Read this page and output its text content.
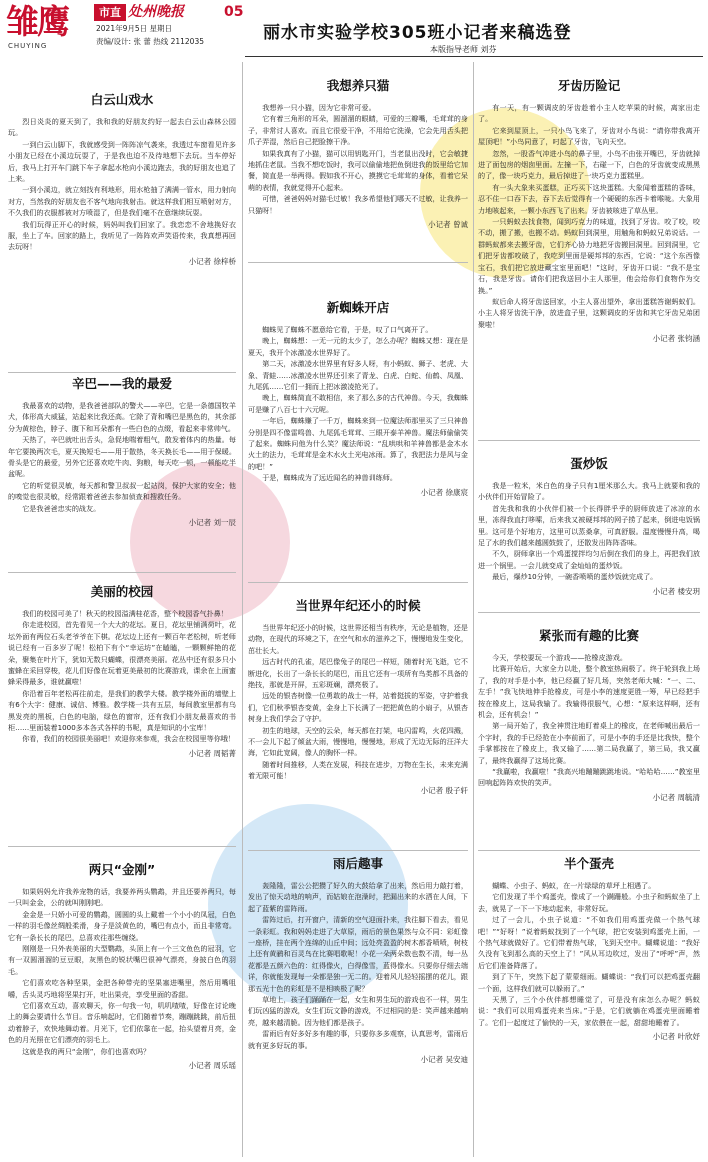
雏鹰
CHUYING
市直 处州晚报	05
2021年9月5日 星期日
责编/设计: 张 蕾 热线 2112035	丽水市实验学校305班小记者来稿选登
本版指导老师 刘芬
白云山戏水

烈日炎炎的夏天到了，我和我的好朋友约好一起去白云山森林公园玩。

一到白云山脚下，我就感受到一阵阵凉气袭来，我透过车窗看见许多小朋友已经在小溪边玩耍了，于是我也迫不及待地想下去玩。当车停好后，我马上打开车门跳下车子拿起水枪向小溪边跑去，我的好朋友也追了上来。

一到小溪边，就立刻找有利地形，用水枪抽了满满一管水，用力射向对方，当然我的好朋友也不客气地向我射击。就这样我们相互喷射对方，不久我们的衣服都被对方喷湿了，但是我们毫不在意继续玩耍。

我们玩得正开心的时候，妈妈叫我们回家了。我恋恋不舍地换好衣服，坐上了车。回家的路上，我听见了一阵阵欢声笑语传来，我真想再回去玩呀！

小记者 徐梓桥
辛巴——我的最爱

我最喜欢的动物，是我爸爸部队的警犬——辛巴，它是一条德国牧羊犬，体形高大威猛，站起来比我还高。它除了背和嘴巴是黑色的，其余部分为黄棕色，脖子、腹下和耳朵都有一些白色的点缀，看起来非常帅气。

天热了，辛巴就吐出舌头，急促地喘着粗气，散发着体内的热量。每年它要换两次毛，夏天换短毛——用于散热，冬天换长毛——用于保暖。骨头是它的最爱，另外它还喜欢吃牛肉、狗粮，每天吃一顿，一顿能吃半盆呢。

它的听觉很灵敏，每天都和警卫叔叔一起站岗，保护大家的安全；他的嗅觉也很灵敏，经常跟着爸爸去参加侦查和搜救任务。

它是我爸爸忠实的战友。

小记者 刘一辰
美丽的校园

我们的校园可美了！秋天的校园溢满桂花香，整个校园香气扑鼻！

你走进校园，首先看见一个大大的花坛。夏日，花坛里铺满荷叶，花坛外面有两位石头老爷爷在下棋。花坛边上还有一颗百年老松树，听老师说已经有一百多岁了呢！松柏下有个“幸运坊”在瞌瞌，一颗颗鲜艳的花朵，聚集在叶片下，犹如无数只蝴蝶，很漂亮美丽。花丛中还有很多只小蜜蜂在采回穿梭，花儿们好像在玩着更美最初的比赛游戏，课余在上面蜜蜂采得最多，谁就赢啦！

你沿着百年老松再往前走，是我们的教学大楼。教学楼外面的墙壁上有6个大字：健康、诚信、博雅。教学楼一共有五层，每间教室里都有乌黑发亮的黑板，白色的电脑，绿色的窗帘，还有我们小朋友最喜欢的书柜……里面装着1000多本各式各样的书呢，真是知识的小宝库！

你看，我们的校园很美丽吧！欢迎你来参观，我会在校园里等你哦！

小记者 周韬菁
两只“金刚”

如果妈妈允许我养宠物的话，我要养两头鹦鹉，并且还要养两只，每一只叫金金，公的就叫刚刚吧。

金金是一只娇小可爱的鹦鹉，圆圆的头上戴着一个小小的凤冠，白色一样的羽毛像丝绸般柔滑，身子是淡黄色的，嘴巴有点小，而且非常弯。它有一条长长的尾巴，总喜欢往那些缠绕。

刚刚是一只外表美丽的大型鹦鹉，头顶上有一个三文鱼色的冠羽，它有一双圆溜溜的豆豆眼，灰黑色的锐状嘴巴很神气漂亮，身披白色的羽毛。

它们喜欢吃各种坚果，金把各种带壳的坚果塞进嘴里，然后用嘴咀嚼，舌头灵巧地将坚果打开，吐出果壳，享受里面的香甜。

它们喜欢互动，喜欢聊天，你一句我一句，叽叽喳喳，好像在讨论晚上的舞会要请什么节目。音乐响起时，它们随着节奏，蹦蹦跳跳，前后扭动着脖子，欢快地舞动着。月光下，它们依靠在一起，抬头望着月亮，金色的月光照在它们漂亮的羽毛上。

这就是我的两只“金刚”，你们也喜欢吗？

小记者 周乐瑶
我想养只猫

我想养一只小猫，因为它非常可爱。

它有着三角形的耳朵，圆溜溜的眼睛，可爱的三瓣嘴，毛茸茸的身子，非常讨人喜欢。而且它很爱干净，不用给它洗澡，它会先用舌头把爪子弄湿，然后自己把脸擦干净。

如果我真有了小猫，猫可以用钥匙开门，当老鼠出没时，它会敏捷地抓住老鼠。当我不想吃饭时，我可以偷偷地把鱼倒进我的饭里给它加餐，简直是一举两得。假如我不开心，摸摸它毛茸茸的身体，看着它呆萌的表情，我就觉得开心起来。

可惜，爸爸妈妈对猫毛过敏！我多希望他们哪天不过敏，让我养一只猫呀！

小记者 曾诚
新蜘蛛开店

蜘蛛见了蜘蛛不愿意给它看，于是，叹了口气离开了。

晚上，蜘蛛想：一无一元的太少了，怎么办呢？蜘蛛又想：现在是夏天，我开个冰激凌水世界好了。

第二天，冰激凌水世界里有好多人呀，有小蚂蚁、狮子、老虎、大象、青蛙……冰激凌水世界还引来了青龙、白虎、白蛇、仙鹤、凤凰、九尾狐……它们一拥而上把冰激凌抢光了。

晚上，蜘蛛简直不敢相信，来了那么多的古代神兽。今天，我蜘蛛可是赚了八百七十六元呢。

一年后，蜘蛛赚了一千万，蜘蛛来到一位魔法师那里买了三只神兽分别是四不像雷鸣兽、九尾狐毛茸茸、三眼开泰羊神兽。魔法师偷偷笑了起来。蜘蛛问他为什么笑？魔法师说：“乱哄哄和羊神兽都是金木水火土的法力，毛茸茸是金木水火土光电冰雨。算了，我把法力是风与金的吧！”

于是，蜘蛛成为了远近闻名的神兽训练师。

小记者 徐康宸
当世界年纪还小的时候

当世界年纪还小的时候，这世界还相当有秩序，无论是植物，还是动物，在现代的环境之下，在空气和水的滋养之下，慢慢地发生变化，茁壮长大。

远古时代的孔雀，尾巴像兔子的尾巴一样短，随着时光飞逝，它不断进化，长出了一条长长的尾巴，而且它还有一项所有鸟类都不具备的绝技，那就是开屏，五彩斑斓，漂亮极了。

远处的银杏树像一位勇敢的战士一样，站着挺拔的军姿，守护着我们，它们秋季银杏变黄，金身上下长满了一把把黄色的小扇子，从银杏树身上我们学会了守护。

初生的地球，天空的云朵，每天都在打架，电闪雷鸣，火花四溅，不一会儿下起了倾盆大雨，慢慢地，慢慢地，形成了无边无际的汪洋大海，它如此宽阔，像人的胸怀一样。

随着时间推移，人类在发展，科技在进步，万物在生长，未来充满着无限可能！

小记者 殷子轩
雨后趣事

轰隆隆，雷公公把攒了好久的大鼓给拿了出来，然后用力敲打着，发出了惊天动地的响声，而姑娘在泡澡时，把漏出来的水洒在人间，下起了蓝紫的雷阵雨。

雷阵过后，打开窗户，清新的空气迎面扑来，我往脚下看去，看见一条彩虹。我和妈妈走进了大草原，雨后的景色果然与众不同：彩虹像一座桥，挂在两个连绵的山丘中间；远处亮盈盈的树木都香喷喷，树枝上还有黄鹂和百灵鸟在比赛唱歌呢！小花一朵两朵数也数不清，每一丛花都是五颜六色的：红得像火，白得像雪，蓝得像水。只要你仔细去端详，你就能发现每一朵都是独一无二的。迎着风儿轻轻摇摆的花儿，跟那五光十色的彩虹是不是相映极了呢？

草地上，孩子们踊踊在一起，女生和男生玩的游戏也不一样，男生们玩凶猛的游戏，女生们玩文静的游戏，不过相同的是：笑声越来越响亮，越来越清脆。因为他们都是孩子。

雷雨后有好多好多有趣的事，只要你多多观察，认真思考，雷雨后就有更多好玩的事。

小记者 吴安迪
牙齿历险记

有一天，有一颗调皮的牙齿趁着小主人吃苹果的时候，离家出走了。

它来到屋顶上，一只小鸟飞来了，牙齿对小鸟说：“请你带我离开屋顶吧！”小鸟同意了，叼起了牙齿，飞向天空。

忽然，一股香气冲进小鸟的鼻子里，小鸟不由张开嘴巴，牙齿就掉进了面包房的烟囱里面。左撞一下，右碰一下，白色的牙齿就变成黑黑的了，像一块巧克力，最后掉进了一块巧克力蛋糕里。

有一头大象来买蛋糕，正巧买下这块蛋糕。大象闻着蛋糕的香味，忍不住一口吞下去，吞下去后觉得有一个硬硬的东西卡着喉咙。大象用力地咳起来，一颗小东西飞了出来。牙齿被咳进了草丛里。

一只蚂蚁去找食物，闻到巧克力的味道，找到了牙齿。咬了咬，咬不动，搬了搬，也搬不动。蚂蚁回到洞里，用触角和蚂蚁兄弟说话。一群蚂蚁都来去搬牙齿，它们齐心协力地把牙齿搬回洞里。回到洞里，它们把牙齿都咬破了，我吃到里面是硬邦邦的东西，它说：“这个东西像宝石，我们把它放进藏宝室里面吧！”这时，牙齿开口说：“我不是宝石，我是牙齿。请你们把我送回小主人那里，他会给你们食物作为交换。”

蚁后命人将牙齿送回家，小主人喜出望外，拿出蛋糕答谢蚂蚁们。小主人将牙齿洗干净，放进盒子里，这颗调皮的牙齿和其它牙齿兄弟团聚啦！

小记者 张钧涵
蛋炒饭

我是一粒米，米白色的身子只有1厘米那么大。我马上就要和我的小伙伴们开始冒险了。

首先我和我的小伙伴们被一个长得胖乎乎的厨师放进了冰凉的水里，冻得我直打哆嗦，后来我又被硬邦邦的网子捞了起来，倒进电饭锅里。这可是个好地方，这里可以蒸桑拿，可真舒服。温度慢慢升高，喝足了水的我们越来越圆鼓鼓了，还散发出阵阵香味。

不久，厨师拿出一个鸡蛋搅拌均匀后倒在我们的身上，再把我们放进一个锅里。一会儿就变成了金灿灿的蛋炒饭。

最后，爆炒10分钟，一碗香喷喷的蛋炒饭就完成了。

小记者 楼安玥
紧张而有趣的比赛

今天，学校要玩一个游戏——抢橡皮游戏。

比赛开始后，大家全力以赴，整个教室热闹极了。终于轮到我上场了，我的对手是小李，他已经赢了好几场，突然老师大喊：“一、二、左手！”我飞快地伸手抢橡皮，可是小李的速度更胜一筹，早已经把手按在橡皮上，这局我输了。我输得很服气，心想：“原来这样啊，还有机会，还有机会！”

第一局开始了，我全神贯注地盯着桌上的橡皮，在老师喊出最后一个字时，我的手已经抢在小李前面了，可是小李的手还是比我快，整个手掌都按在了橡皮上，我又输了……第二局我赢了，第三局，我又赢了，最终我赢得了这场比赛。

“我赢啦，我赢啦！”我高兴地蹦蹦跳跳地说。“哈哈哈……”教室里回响起阵阵欢快的笑声。

小记者 周毓清
半个蛋壳

蝴蝶、小虫子、蚂蚁，在一片绿绿的草坪上相遇了。

它们发现了半个鸡蛋壳，像成了一个蹒跚般。小虫子和蚂蚁坐了上去，就晃了一下一下地动起来，非常好玩。

过了一会儿，小虫子说道：“不如我们用鸡蛋壳做一个热气球吧！”“好呀！”说着蚂蚁找到了一个气球，把它安装到鸡蛋壳上面，一个热气球就做好了。它们带着热气球，飞到天空中。蝴蝶说道：“我好久没有飞到那么高的天空上了！”风从耳边吹过，发出了“呼呼”声，然后它们准备降落了。

到了下午，突然下起了蒙蒙细雨。蝴蝶说：“我们可以把鸡蛋壳翻一个面，这样我们就可以躲雨了。”

天黑了，三个小伙伴都想睡觉了，可是没有床怎么办呢？蚂蚁说：“我们可以用鸡蛋壳来当床。”于是，它们就躺在鸡蛋壳里面睡着了。它们一起度过了愉快的一天，家依偎在一起，甜甜地睡着了。

小记者 叶欣妤
